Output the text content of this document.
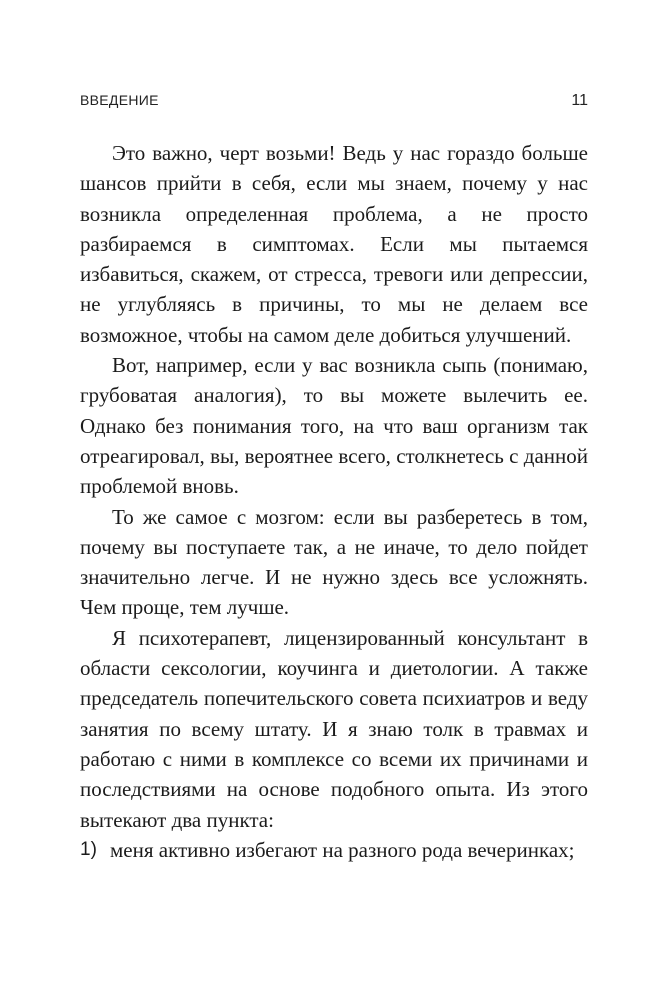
ВВЕДЕНИЕ	11

Это важно, черт возьми! Ведь у нас гораздо больше шансов прийти в себя, если мы знаем, почему у нас возникла определенная проблема, а не просто разбираемся в симптомах. Если мы пытаемся избавиться, скажем, от стресса, тревоги или депрессии, не углубляясь в причины, то мы не делаем все возможное, чтобы на самом деле добиться улучшений.

Вот, например, если у вас возникла сыпь (понимаю, грубоватая аналогия), то вы можете вылечить ее. Однако без понимания того, на что ваш организм так отреагировал, вы, вероятнее всего, столкнетесь с данной проблемой вновь.

То же самое с мозгом: если вы разберетесь в том, почему вы поступаете так, а не иначе, то дело пойдет значительно легче. И не нужно здесь все усложнять. Чем проще, тем лучше.

Я психотерапевт, лицензированный консультант в области сексологии, коучинга и диетологии. А также председатель попечительского совета психиатров и веду занятия по всему штату. И я знаю толк в травмах и работаю с ними в комплексе со всеми их причинами и последствиями на основе подобного опыта. Из этого вытекают два пункта:

1) меня активно избегают на разного рода вечеринках;
